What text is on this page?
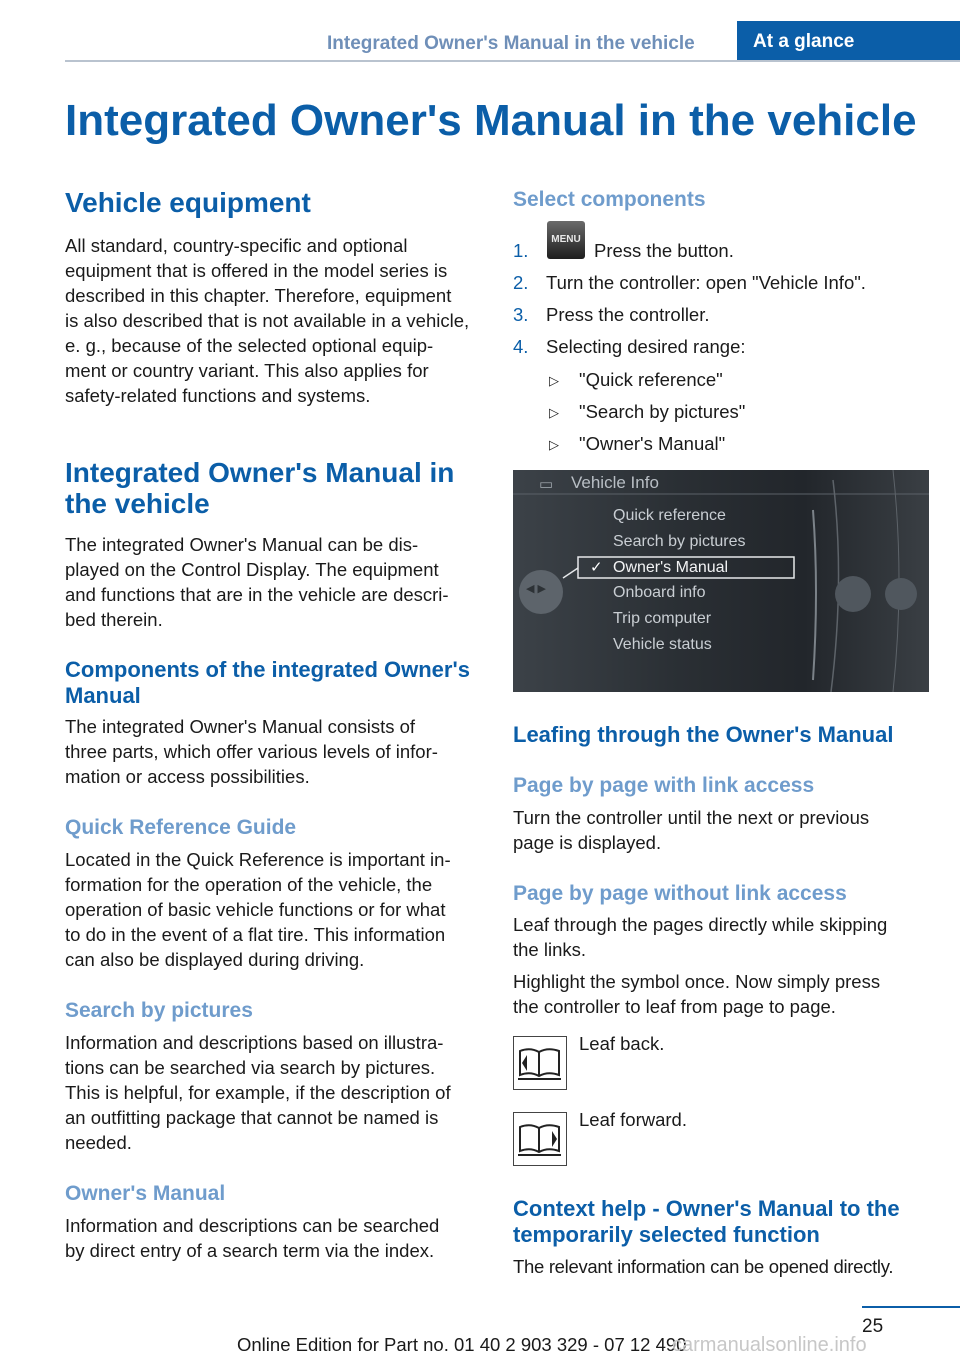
Integrated Owner's Manual in the vehicle	At a glance
Integrated Owner's Manual in the vehicle
Vehicle equipment
All standard, country-specific and optional
equipment that is offered in the model series is
described in this chapter. Therefore, equipment
is also described that is not available in a vehicle,
e. g., because of the selected optional equip‐
ment or country variant. This also applies for
safety-related functions and systems.
Integrated Owner's Manual in
the vehicle
The integrated Owner's Manual can be dis‐
played on the Control Display. The equipment
and functions that are in the vehicle are descri‐
bed therein.
Components of the integrated Owner's
Manual
The integrated Owner's Manual consists of
three parts, which offer various levels of infor‐
mation or access possibilities.
Quick Reference Guide
Located in the Quick Reference is important in‐
formation for the operation of the vehicle, the
operation of basic vehicle functions or for what
to do in the event of a flat tire. This information
can also be displayed during driving.
Search by pictures
Information and descriptions based on illustra‐
tions can be searched via search by pictures.
This is helpful, for example, if the description of
an outfitting package that cannot be named is
needed.
Owner's Manual
Information and descriptions can be searched
by direct entry of a search term via the index.
Select components
1.
MENU
Press the button.
2. Turn the controller: open "Vehicle Info".
3. Press the controller.
4. Selecting desired range:
▷ "Quick reference"
▷ "Search by pictures"
▷ "Owner's Manual"
▭
◀ ▶
Vehicle Info
Quick reference
Search by pictures
✓ Owner's Manual
Onboard info
Trip computer
Vehicle status
Leafing through the Owner's Manual
Page by page with link access
Turn the controller until the next or previous
page is displayed.
Page by page without link access
Leaf through the pages directly while skipping
the links.
Highlight the symbol once. Now simply press
the controller to leaf from page to page.
Leaf back.
Leaf forward.
Context help - Owner's Manual to the
temporarily selected function
The relevant information can be opened directly.
25
Online Edition for Part no. 01 40 2 903 329 - 07 12 490
carmanualsonline.info
